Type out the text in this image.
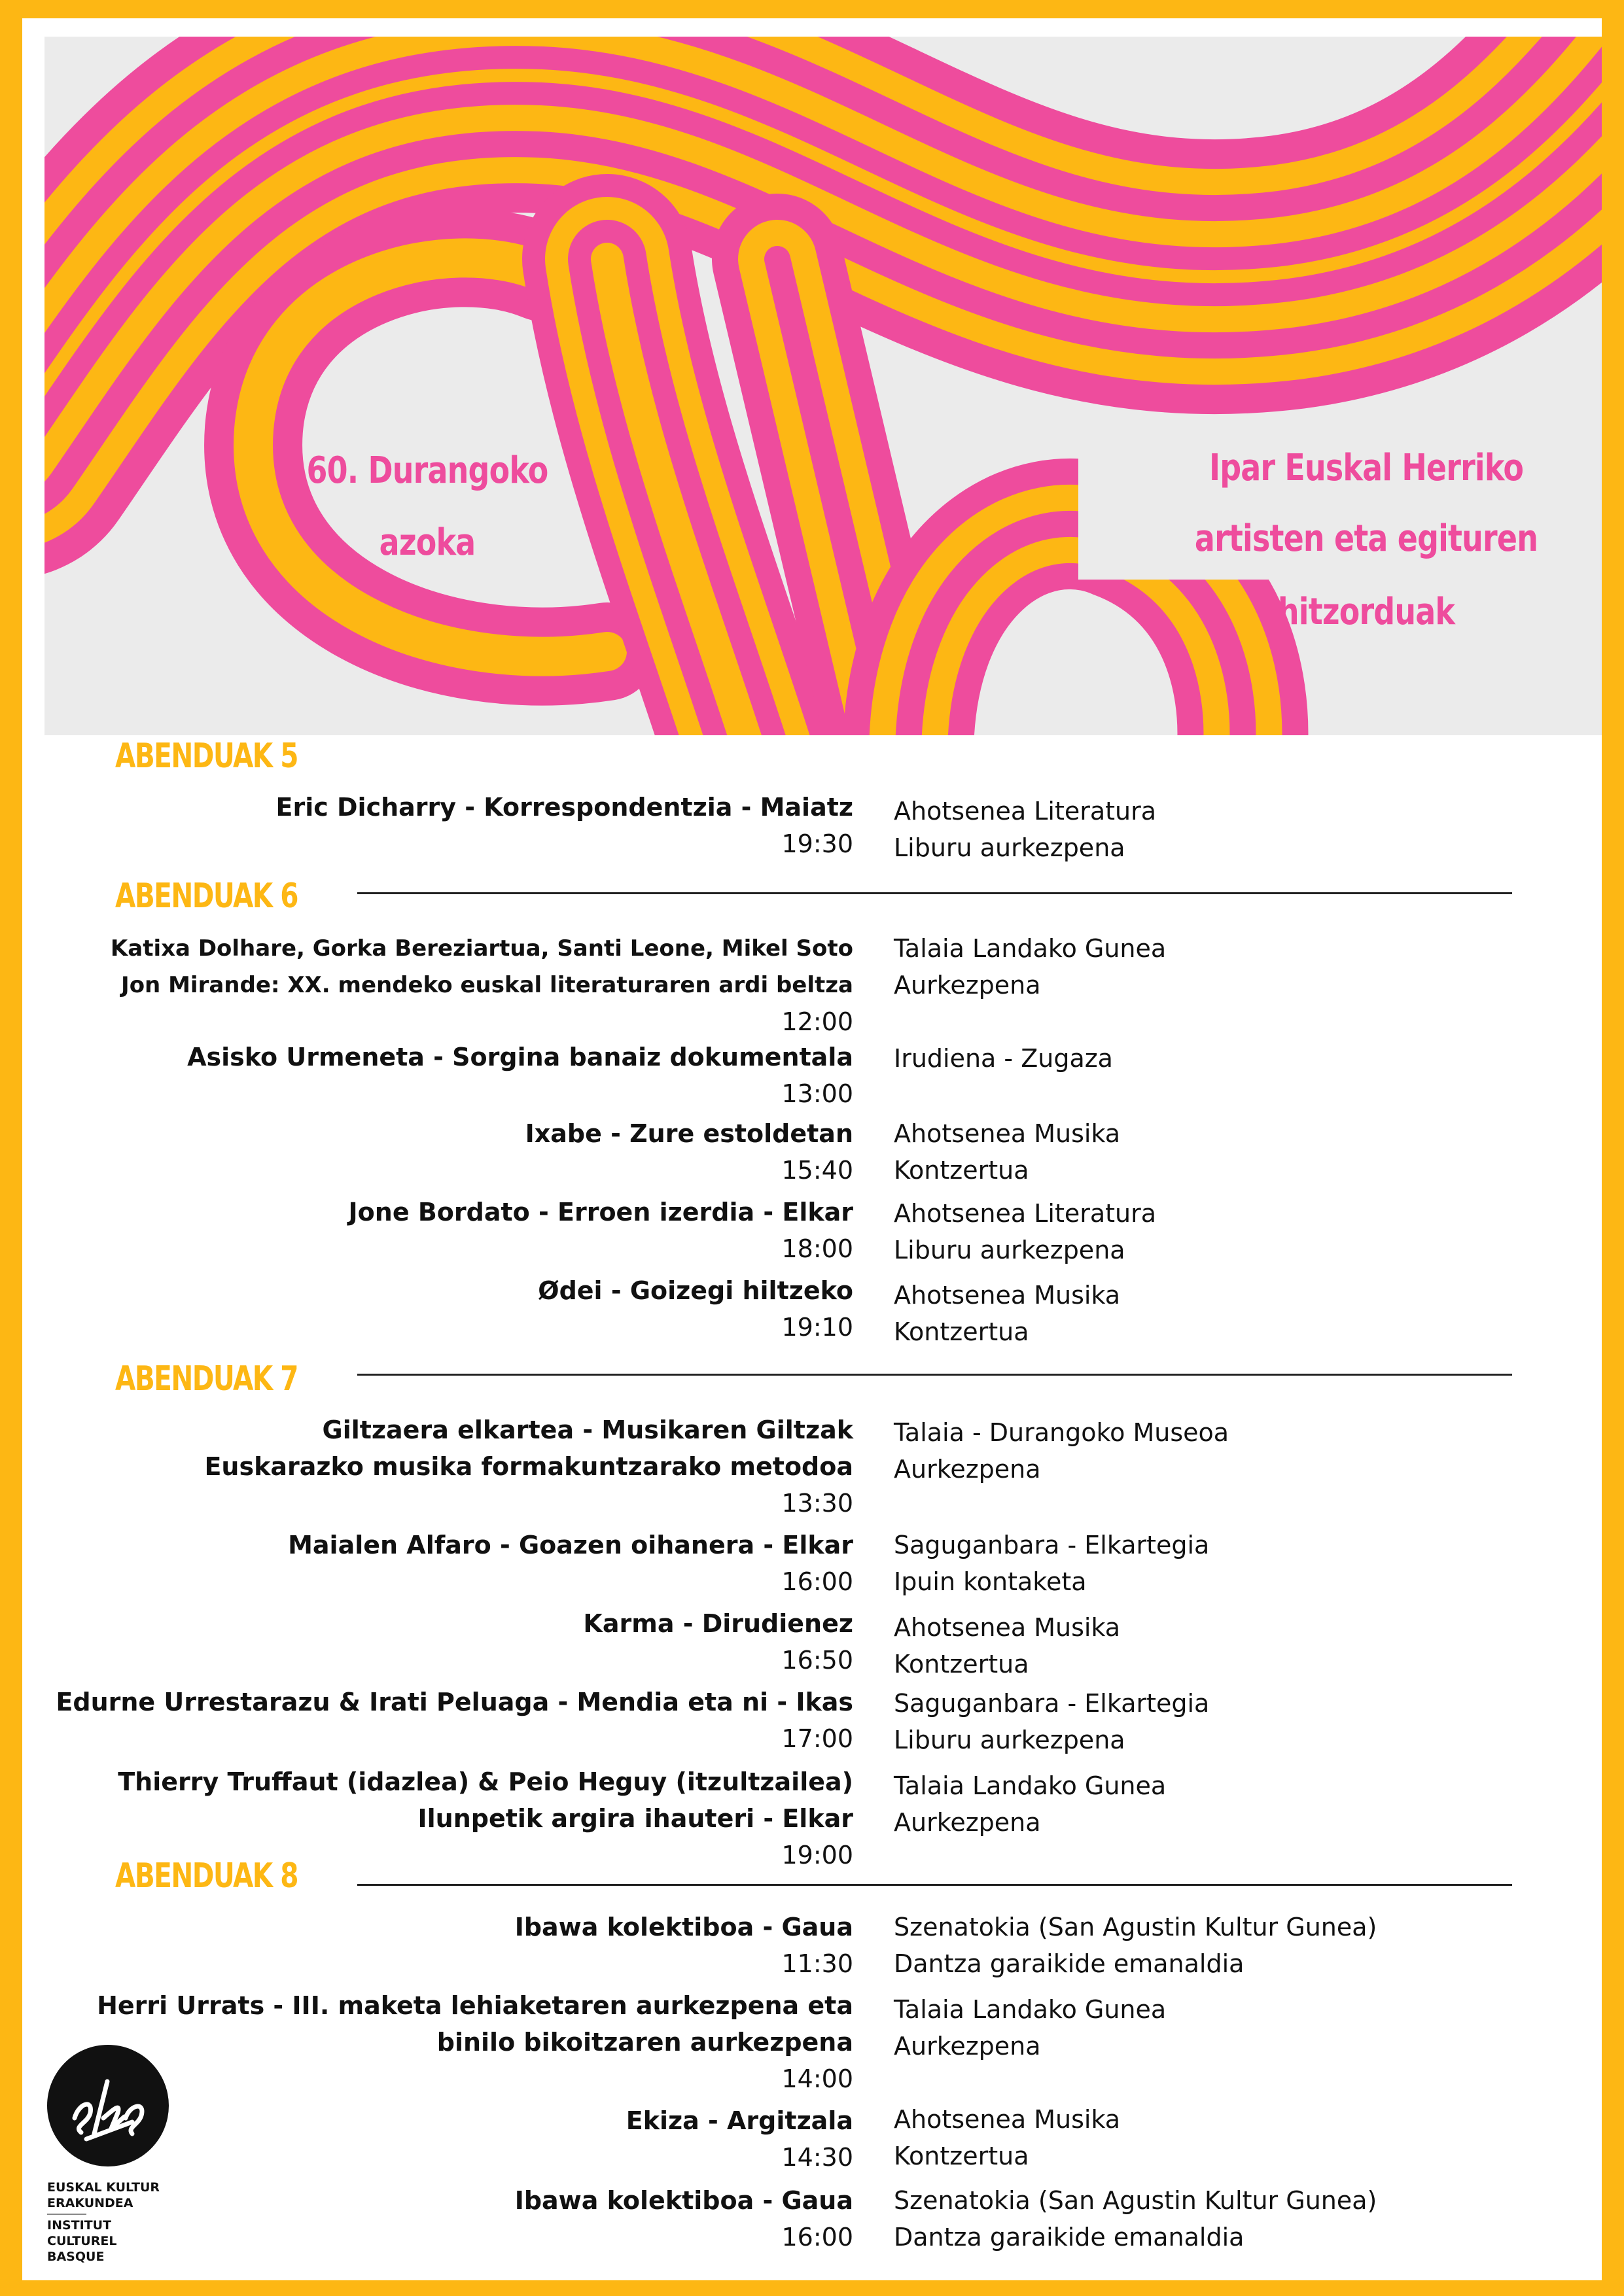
60. Durangoko
azoka
Ipar Euskal Herriko
artisten eta egituren hitzorduak
ABENDUAK 5
Eric Dicharry - Korrespondentzia - Maiatz
19:30
Ahotsenea Literatura
Liburu aurkezpena
ABENDUAK 6
Katixa Dolhare, Gorka Bereziartua, Santi Leone, Mikel Soto
Jon Mirande: XX. mendeko euskal literaturaren ardi beltza
12:00
Talaia Landako Gunea
Aurkezpena
Asisko Urmeneta - Sorgina banaiz dokumentala
13:00
Irudiena - Zugaza
Ixabe - Zure estoldetan
15:40
Ahotsenea Musika
Kontzertua
Jone Bordato - Erroen izerdia - Elkar
18:00
Ahotsenea Literatura
Liburu aurkezpena
Ødei - Goizegi hiltzeko
19:10
Ahotsenea Musika
Kontzertua
ABENDUAK 7
Giltzaera elkartea - Musikaren Giltzak
Euskarazko musika formakuntzarako metodoa
13:30
Talaia - Durangoko Museoa
Aurkezpena
Maialen Alfaro - Goazen oihanera - Elkar
16:00
Saguganbara - Elkartegia
Ipuin kontaketa
Karma - Dirudienez
16:50
Ahotsenea Musika
Kontzertua
Edurne Urrestarazu & Irati Peluaga - Mendia eta ni - Ikas
17:00
Saguganbara - Elkartegia
Liburu aurkezpena
Thierry Truffaut (idazlea) & Peio Heguy (itzultzailea)
Ilunpetik argira ihauteri - Elkar
19:00
Talaia Landako Gunea
Aurkezpena
ABENDUAK 8
Ibawa kolektiboa - Gaua
11:30
Szenatokia (San Agustin Kultur Gunea)
Dantza garaikide emanaldia
Herri Urrats - III. maketa lehiaketaren aurkezpena eta
binilo bikoitzaren aurkezpena
14:00
Talaia Landako Gunea
Aurkezpena
Ekiza - Argitzala
14:30
Ahotsenea Musika
Kontzertua
Ibawa kolektiboa - Gaua
16:00
Szenatokia (San Agustin Kultur Gunea)
Dantza garaikide emanaldia
EUSKAL KULTUR
ERAKUNDEA
INSTITUT CULTUREL
BASQUE
